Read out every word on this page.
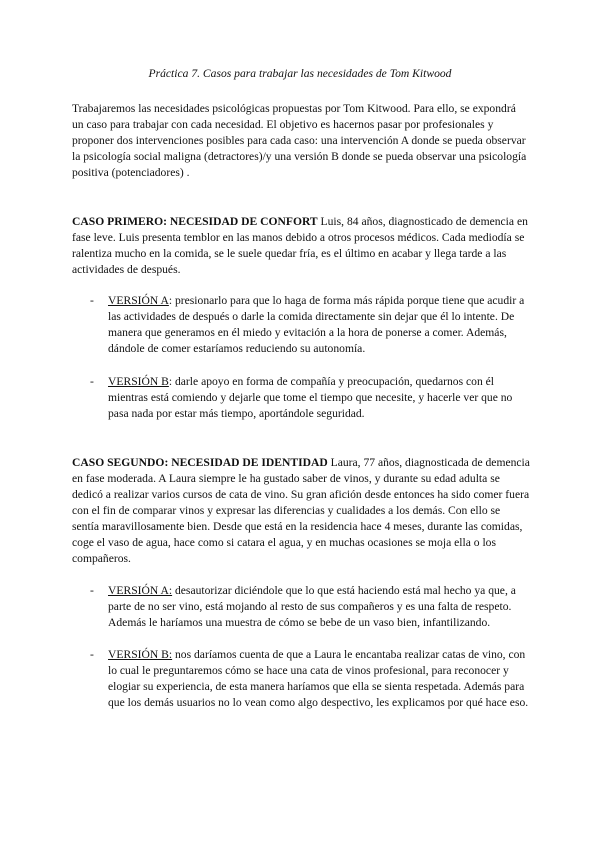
Práctica 7. Casos para trabajar las necesidades de Tom Kitwood

Trabajaremos las necesidades psicológicas propuestas por Tom Kitwood. Para ello, se expondrá un caso para trabajar con cada necesidad. El objetivo es hacernos pasar por profesionales y proponer dos intervenciones posibles para cada caso: una intervención A donde se pueda observar la psicología social maligna (detractores)/y una versión B donde se pueda observar una psicología positiva (potenciadores) .

CASO PRIMERO: NECESIDAD DE CONFORT Luis, 84 años, diagnosticado de demencia en fase leve. Luis presenta temblor en las manos debido a otros procesos médicos. Cada mediodía se ralentiza mucho en la comida, se le suele quedar fría, es el último en acabar y llega tarde a las actividades de después.

- VERSIÓN A: presionarlo para que lo haga de forma más rápida porque tiene que acudir a las actividades de después o darle la comida directamente sin dejar que él lo intente. De manera que generamos en él miedo y evitación a la hora de ponerse a comer. Además, dándole de comer estaríamos reduciendo su autonomía.
- VERSIÓN B: darle apoyo en forma de compañía y preocupación, quedarnos con él mientras está comiendo y dejarle que tome el tiempo que necesite, y hacerle ver que no pasa nada por estar más tiempo, aportándole seguridad.

CASO SEGUNDO: NECESIDAD DE IDENTIDAD Laura, 77 años, diagnosticada de demencia en fase moderada. A Laura siempre le ha gustado saber de vinos, y durante su edad adulta se dedicó a realizar varios cursos de cata de vino. Su gran afición desde entonces ha sido comer fuera con el fin de comparar vinos y expresar las diferencias y cualidades a los demás. Con ello se sentía maravillosamente bien. Desde que está en la residencia hace 4 meses, durante las comidas, coge el vaso de agua, hace como si catara el agua, y en muchas ocasiones se moja ella o los compañeros.

- VERSIÓN A: desautorizar diciéndole que lo que está haciendo está mal hecho ya que, a parte de no ser vino, está mojando al resto de sus compañeros y es una falta de respeto. Además le haríamos una muestra de cómo se bebe de un vaso bien, infantilizando.
- VERSIÓN B: nos daríamos cuenta de que a Laura le encantaba realizar catas de vino, con lo cual le preguntaremos cómo se hace una cata de vinos profesional, para reconocer y elogiar su experiencia, de esta manera haríamos que ella se sienta respetada. Además para que los demás usuarios no lo vean como algo despectivo, les explicamos por qué hace eso.
